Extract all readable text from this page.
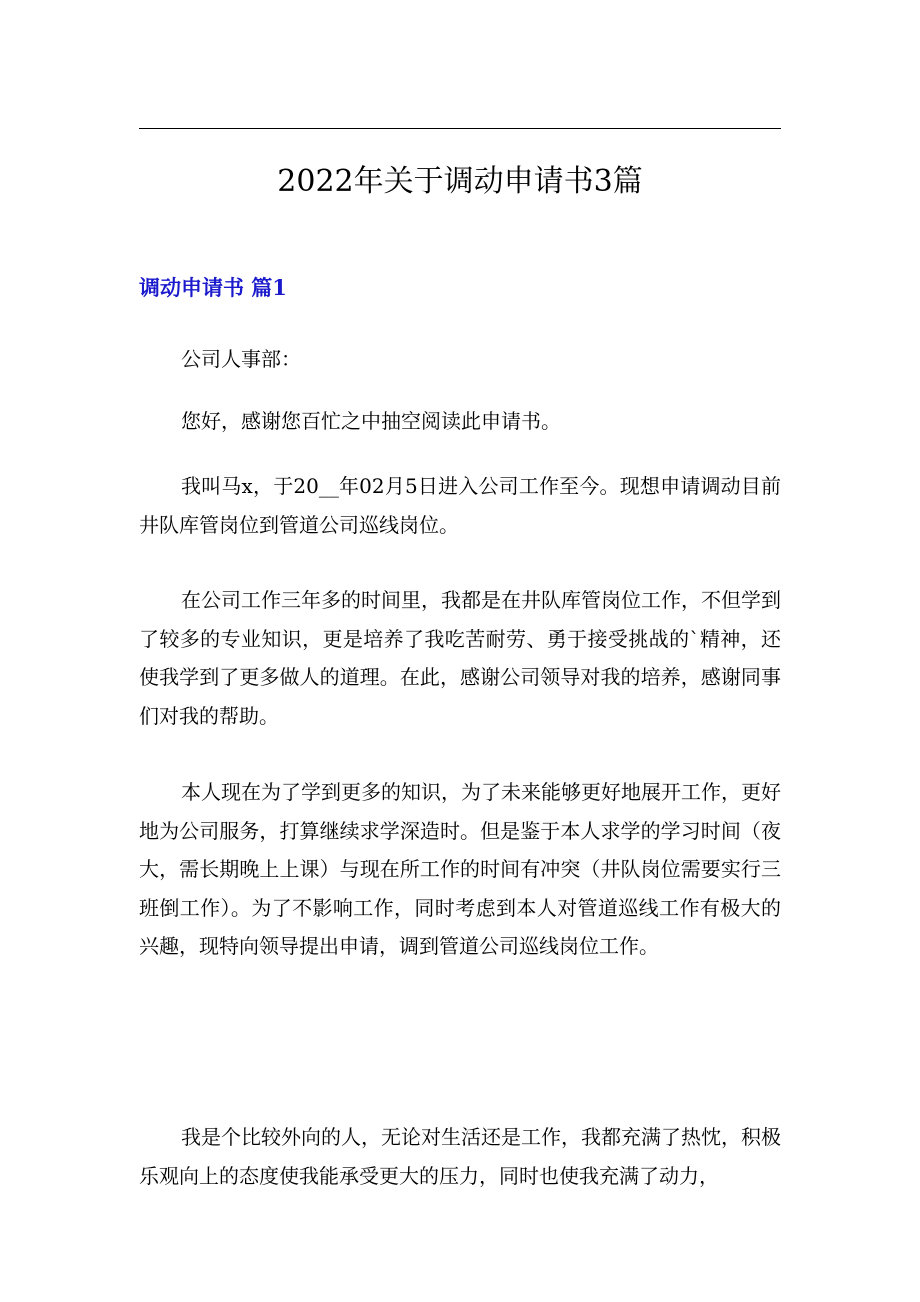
2022年关于调动申请书3篇
调动申请书 篇1

公司人事部：

您好，感谢您百忙之中抽空阅读此申请书。

我叫马x，于20__年02月5日进入公司工作至今。现想申请调动目前井队库管岗位到管道公司巡线岗位。

在公司工作三年多的时间里，我都是在井队库管岗位工作，不但学到了较多的专业知识，更是培养了我吃苦耐劳、勇于接受挑战的`精神，还使我学到了更多做人的道理。在此，感谢公司领导对我的培养，感谢同事们对我的帮助。

本人现在为了学到更多的知识，为了未来能够更好地展开工作，更好地为公司服务，打算继续求学深造时。但是鉴于本人求学的学习时间（夜大，需长期晚上上课）与现在所工作的时间有冲突（井队岗位需要实行三班倒工作）。为了不影响工作，同时考虑到本人对管道巡线工作有极大的兴趣，现特向领导提出申请，调到管道公司巡线岗位工作。

我是个比较外向的人，无论对生活还是工作，我都充满了热忱，积极乐观向上的态度使我能承受更大的压力，同时也使我充满了动力，
